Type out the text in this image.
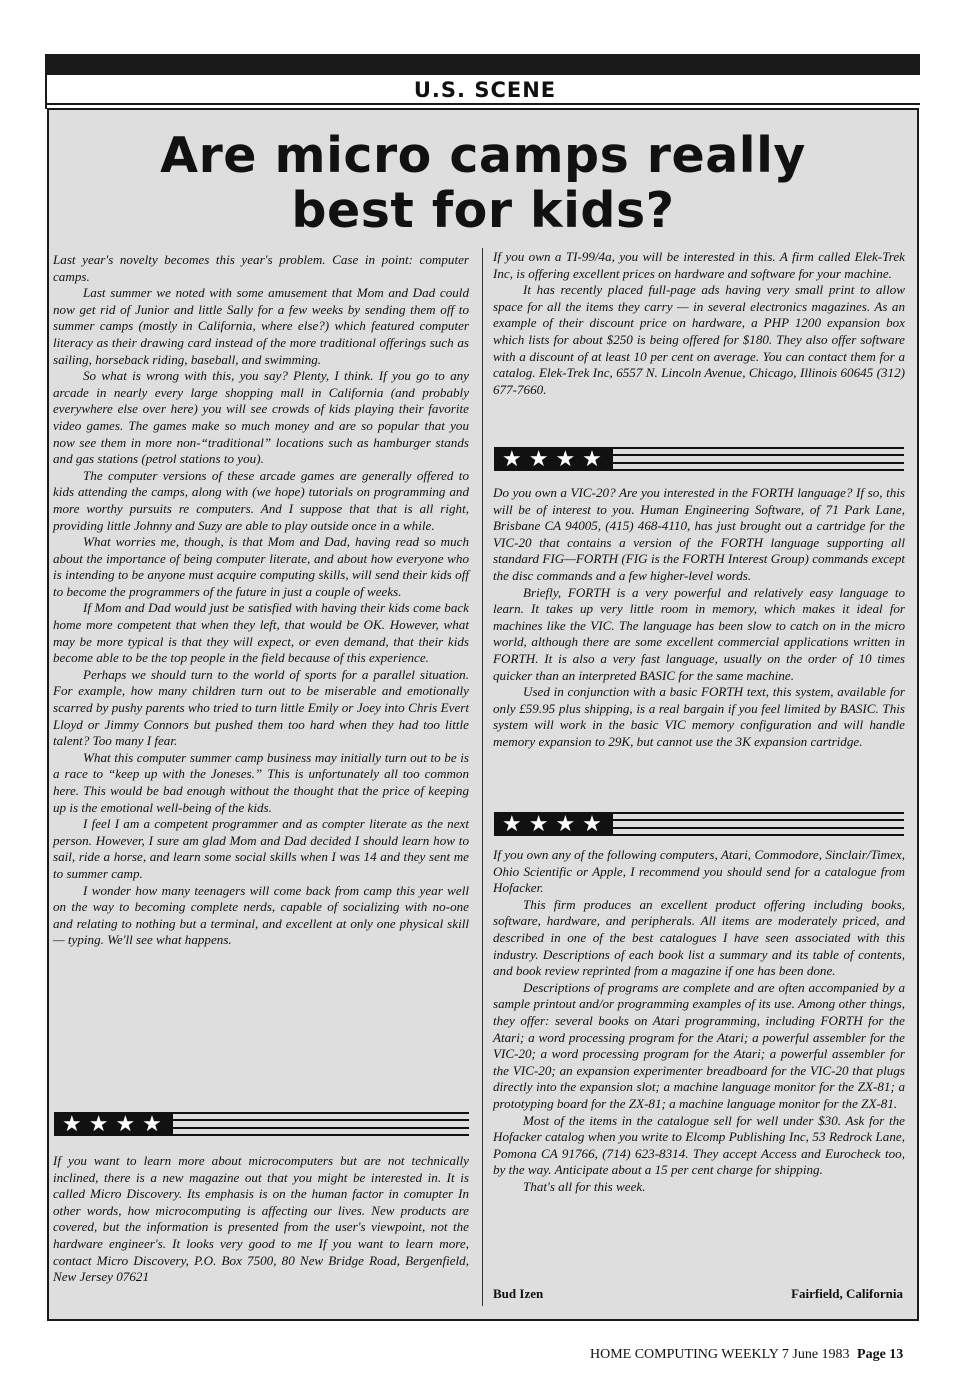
U.S. SCENE
Are micro camps really
best for kids?

Last year's novelty becomes this year's problem. Case in point: computer camps.

Last summer we noted with some amusement that Mom and Dad could now get rid of Junior and little Sally for a few weeks by sending them off to summer camps (mostly in California, where else?) which featured computer literacy as their drawing card instead of the more traditional offerings such as sailing, horseback riding, baseball, and swimming.

So what is wrong with this, you say? Plenty, I think. If you go to any arcade in nearly every large shopping mall in California (and probably everywhere else over here) you will see crowds of kids playing their favorite video games. The games make so much money and are so popular that you now see them in more non-“traditional” locations such as hamburger stands and gas stations (petrol stations to you).

The computer versions of these arcade games are generally offered to kids attending the camps, along with (we hope) tutorials on programming and more worthy pursuits re computers. And I suppose that that is all right, providing little Johnny and Suzy are able to play outside once in a while.

What worries me, though, is that Mom and Dad, having read so much about the importance of being computer literate, and about how everyone who is intending to be anyone must acquire computing skills, will send their kids off to become the programmers of the future in just a couple of weeks.

If Mom and Dad would just be satisfied with having their kids come back home more competent that when they left, that would be OK. However, what may be more typical is that they will expect, or even demand, that their kids become able to be the top people in the field because of this experience.

Perhaps we should turn to the world of sports for a parallel situation. For example, how many children turn out to be miserable and emotionally scarred by pushy parents who tried to turn little Emily or Joey into Chris Evert Lloyd or Jimmy Connors but pushed them too hard when they had too little talent? Too many I fear.

What this computer summer camp business may initially turn out to be is a race to “keep up with the Joneses.” This is unfortunately all too common here. This would be bad enough without the thought that the price of keeping up is the emotional well-being of the kids.

I feel I am a competent programmer and as compter literate as the next person. However, I sure am glad Mom and Dad decided I should learn how to sail, ride a horse, and learn some social skills when I was 14 and they sent me to summer camp.

I wonder how many teenagers will come back from camp this year well on the way to becoming complete nerds, capable of socializing with no-one and relating to nothing but a terminal, and excellent at only one physical skill — typing. We'll see what happens.

★★★★

If you want to learn more about microcomputers but are not technically inclined, there is a new magazine out that you might be interested in. It is called Micro Discovery. Its emphasis is on the human factor in comupter In other words, how microcomputing is affecting our lives. New products are covered, but the information is presented from the user's viewpoint, not the hardware engineer's. It looks very good to me If you want to learn more, contact Micro Discovery, P.O. Box 7500, 80 New Bridge Road, Bergenfield, New Jersey 07621

If you own a TI-99/4a, you will be interested in this. A firm called Elek-Trek Inc, is offering excellent prices on hardware and software for your machine.

It has recently placed full-page ads having very small print to allow space for all the items they carry — in several electronics magazines. As an example of their discount price on hardware, a PHP 1200 expansion box which lists for about $250 is being offered for $180. They also offer software with a discount of at least 10 per cent on average. You can contact them for a catalog. Elek-Trek Inc, 6557 N. Lincoln Avenue, Chicago, Illinois 60645 (312) 677-7660.

★★★★

Do you own a VIC-20? Are you interested in the FORTH language? If so, this will be of interest to you. Human Engineering Software, of 71 Park Lane, Brisbane CA 94005, (415) 468-4110, has just brought out a cartridge for the VIC-20 that contains a version of the FORTH language supporting all standard FIG—FORTH (FIG is the FORTH Interest Group) commands except the disc commands and a few higher-level words.

Briefly, FORTH is a very powerful and relatively easy language to learn. It takes up very little room in memory, which makes it ideal for machines like the VIC. The language has been slow to catch on in the micro world, although there are some excellent commercial applications written in FORTH. It is also a very fast language, usually on the order of 10 times quicker than an interpreted BASIC for the same machine.

Used in conjunction with a basic FORTH text, this system, available for only £59.95 plus shipping, is a real bargain if you feel limited by BASIC. This system will work in the basic VIC memory configuration and will handle memory expansion to 29K, but cannot use the 3K expansion cartridge.

★★★★

If you own any of the following computers, Atari, Commodore, Sinclair/Timex, Ohio Scientific or Apple, I recommend you should send for a catalogue from Hofacker.

This firm produces an excellent product offering including books, software, hardware, and peripherals. All items are moderately priced, and described in one of the best catalogues I have seen associated with this industry. Descriptions of each book list a summary and its table of contents, and book review reprinted from a magazine if one has been done.

Descriptions of programs are complete and are often accompanied by a sample printout and/or programming examples of its use. Among other things, they offer: several books on Atari programming, including FORTH for the Atari; a word processing program for the Atari; a powerful assembler for the VIC-20; a word processing program for the Atari; a powerful assembler for the VIC-20; an expansion experimenter breadboard for the VIC-20 that plugs directly into the expansion slot; a machine language monitor for the ZX-81; a prototyping board for the ZX-81; a machine language monitor for the ZX-81.

Most of the items in the catalogue sell for well under $30. Ask for the Hofacker catalog when you write to Elcomp Publishing Inc, 53 Redrock Lane, Pomona CA 91766, (714) 623-8314. They accept Access and Eurocheck too, by the way. Anticipate about a 15 per cent charge for shipping.

That's all for this week.

Bud Izen	Fairfield, California
HOME COMPUTING WEEKLY 7 June 1983 Page 13
